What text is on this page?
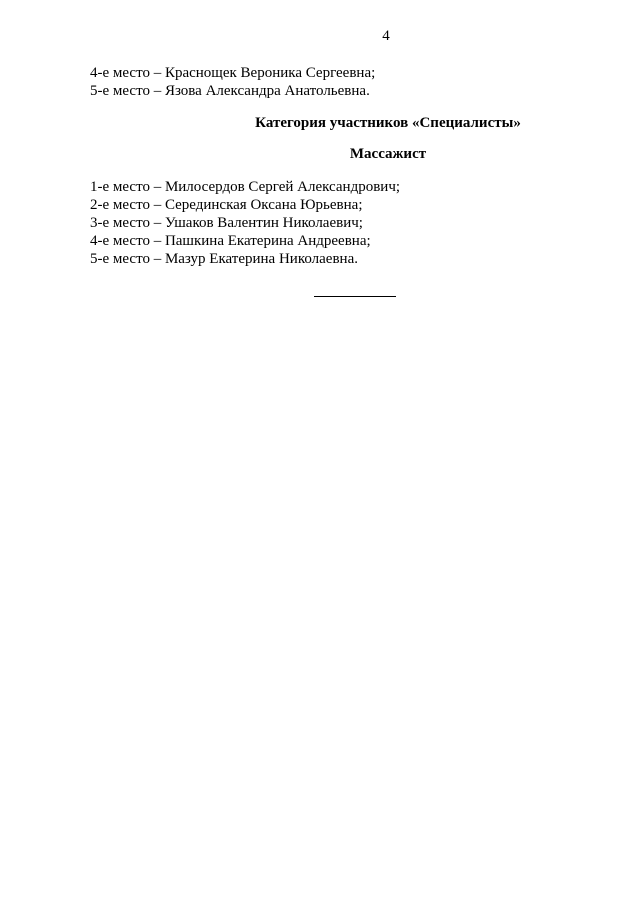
4
4-е место – Краснощек Вероника Сергеевна;
5-е место – Язова Александра Анатольевна.
Категория участников «Специалисты»
Массажист
1-е место – Милосердов Сергей Александрович;
2-е место – Серединская Оксана Юрьевна;
3-е место – Ушаков Валентин Николаевич;
4-е место – Пашкина Екатерина Андреевна;
5-е место – Мазур Екатерина Николаевна.
